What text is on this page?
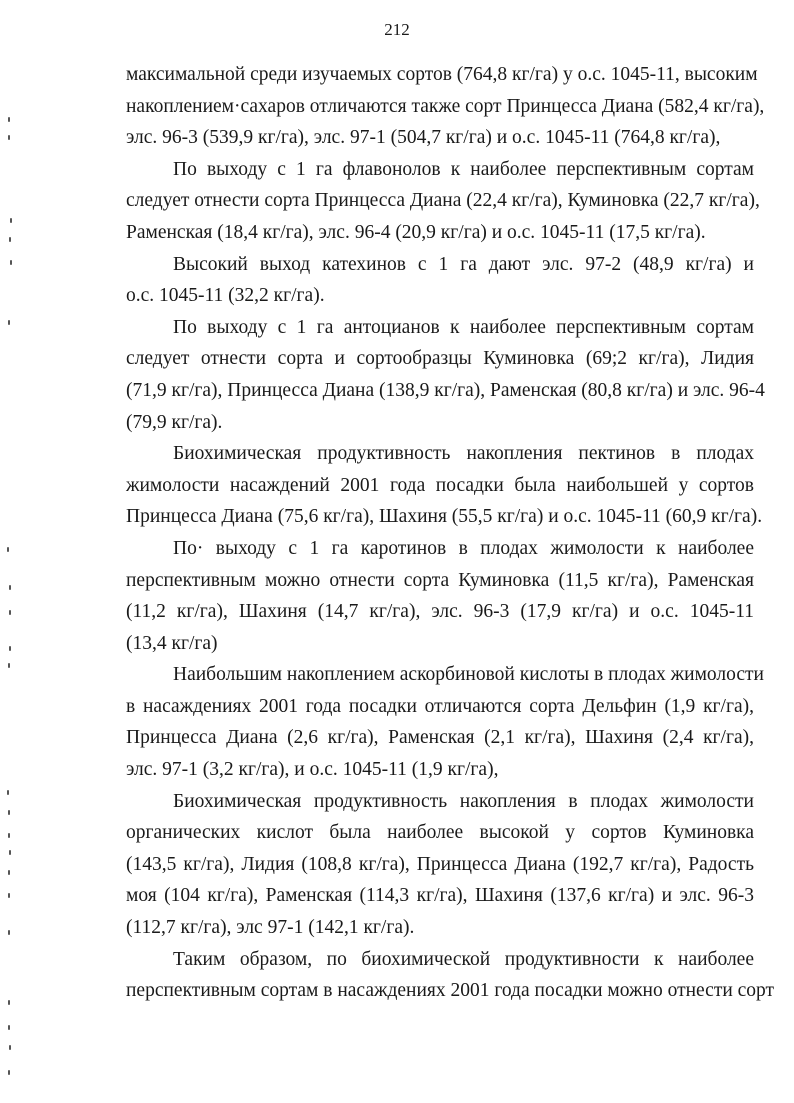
212
максимальной среди изучаемых сортов (764,8 кг/га) у о.с. 1045-11, высоким
накоплением·сахаров отличаются также сорт Принцесса Диана (582,4 кг/га),
элс. 96-3 (539,9 кг/га), элс. 97-1 (504,7 кг/га) и о.с. 1045-11 (764,8 кг/га),
По выходу с 1 га флавонолов к наиболее перспективным сортам
следует отнести сорта Принцесса Диана (22,4 кг/га), Куминовка (22,7 кг/га),
Раменская (18,4 кг/га), элс. 96-4 (20,9 кг/га) и о.с. 1045-11 (17,5 кг/га).
Высокий выход катехинов с 1 га дают элс. 97-2 (48,9 кг/га) и
о.с. 1045-11 (32,2 кг/га).
По выходу с 1 га антоцианов к наиболее перспективным сортам
следует отнести сорта и сортообразцы Куминовка (69;2 кг/га), Лидия
(71,9 кг/га), Принцесса Диана (138,9 кг/га), Раменская (80,8 кг/га) и элс. 96-4
(79,9 кг/га).
Биохимическая продуктивность накопления пектинов в плодах
жимолости насаждений 2001 года посадки была наибольшей у сортов
Принцесса Диана (75,6 кг/га), Шахиня (55,5 кг/га) и о.с. 1045-11 (60,9 кг/га).
По· выходу с 1 га каротинов в плодах жимолости к наиболее
перспективным можно отнести сорта Куминовка (11,5 кг/га), Раменская
(11,2 кг/га), Шахиня (14,7 кг/га), элс. 96-3 (17,9 кг/га) и о.с. 1045-11
(13,4 кг/га)
Наибольшим накоплением аскорбиновой кислоты в плодах жимолости
в насаждениях 2001 года посадки отличаются сорта Дельфин (1,9 кг/га),
Принцесса Диана (2,6 кг/га), Раменская (2,1 кг/га), Шахиня (2,4 кг/га),
элс. 97-1 (3,2 кг/га), и о.с. 1045-11 (1,9 кг/га),
Биохимическая продуктивность накопления в плодах жимолости
органических кислот была наиболее высокой у сортов Куминовка
(143,5 кг/га), Лидия (108,8 кг/га), Принцесса Диана (192,7 кг/га), Радость
моя (104 кг/га), Раменская (114,3 кг/га), Шахиня (137,6 кг/га) и элс. 96-3
(112,7 кг/га), элс 97-1 (142,1 кг/га).
Таким образом, по биохимической продуктивности к наиболее
перспективным сортам в насаждениях 2001 года посадки можно отнести сорт
